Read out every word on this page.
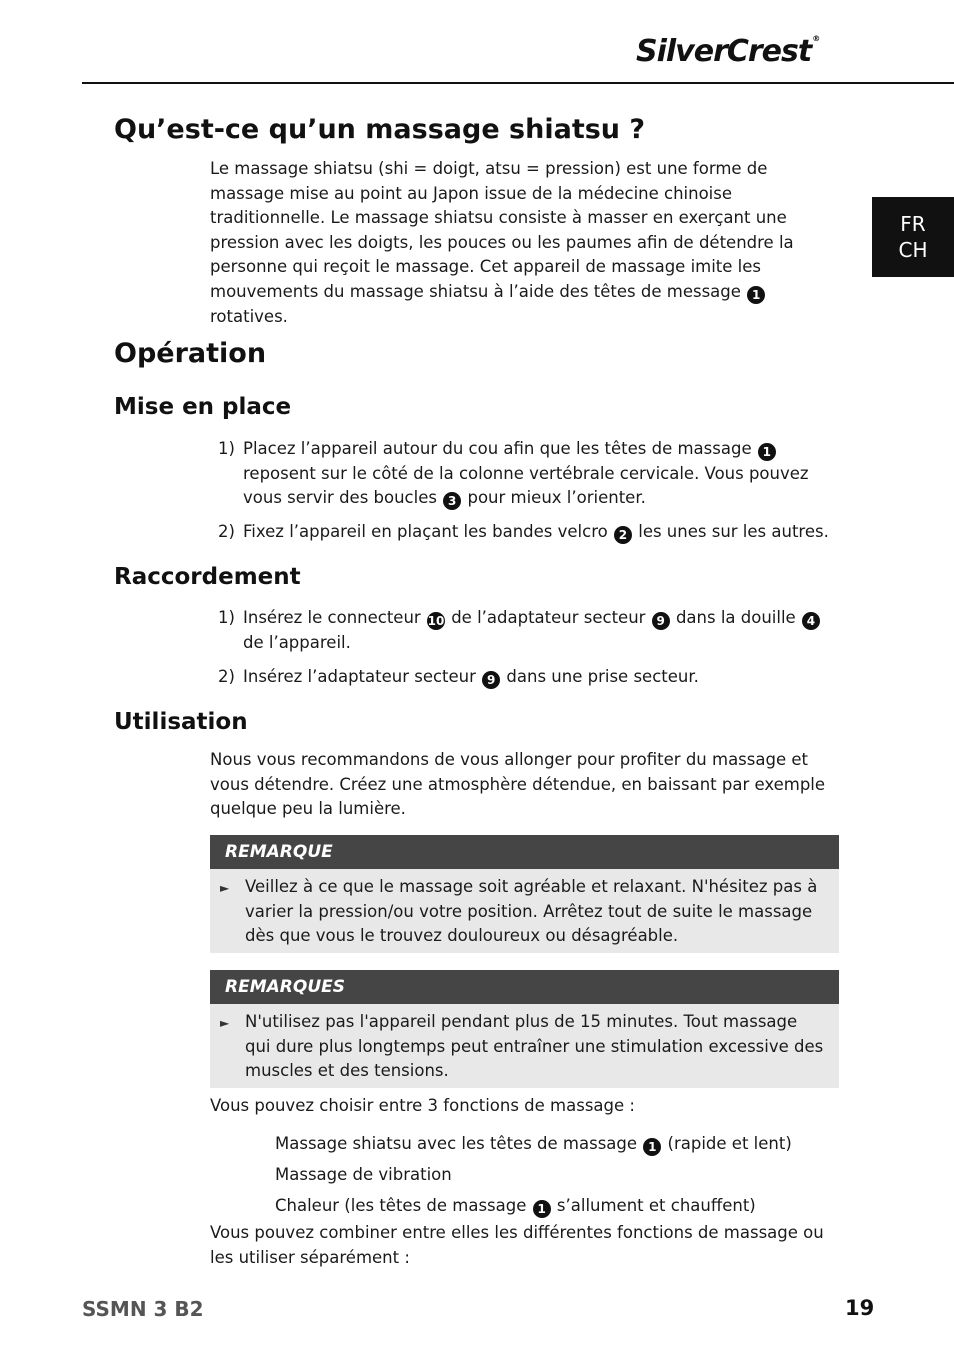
SilverCrest®
FR
CH
Qu’est-ce qu’un massage shiatsu ?

Le massage shiatsu (shi = doigt, atsu = pression) est une forme de massage mise au point au Japon issue de la médecine chinoise traditionnelle. Le massage shiatsu consiste à masser en exerçant une pression avec les doigts, les pouces ou les paumes afin de détendre la personne qui reçoit le massage. Cet appareil de massage imite les mouvements du massage shiatsu à l’aide des têtes de message 1 rotatives.

Opération
Mise en place
1) Placez l’appareil autour du cou afin que les têtes de massage 1 reposent sur le côté de la colonne vertébrale cervicale. Vous pouvez vous servir des boucles 3 pour mieux l’orienter.
2) Fixez l’appareil en plaçant les bandes velcro 2 les unes sur les autres.
Raccordement
1) Insérez le connecteur 10 de l’adaptateur secteur 9 dans la douille 4 de l’appareil.
2) Insérez l’adaptateur secteur 9 dans une prise secteur.
Utilisation

Nous vous recommandons de vous allonger pour profiter du massage et vous détendre. Créez une atmosphère détendue, en baissant par exemple quelque peu la lumière.

REMARQUE
► Veillez à ce que le massage soit agréable et relaxant. N'hésitez pas à varier la pression/ou votre position. Arrêtez tout de suite le massage dès que vous le trouvez douloureux ou désagréable.
REMARQUES
► N'utilisez pas l'appareil pendant plus de 15 minutes. Tout massage qui dure plus longtemps peut entraîner une stimulation excessive des muscles et des tensions.

Vous pouvez choisir entre 3 fonctions de massage :

Massage shiatsu avec les têtes de massage 1 (rapide et lent)
Massage de vibration
Chaleur (les têtes de massage 1 s’allument et chauffent)

Vous pouvez combiner entre elles les différentes fonctions de massage ou les utiliser séparément :

SSMN 3 B2	19
